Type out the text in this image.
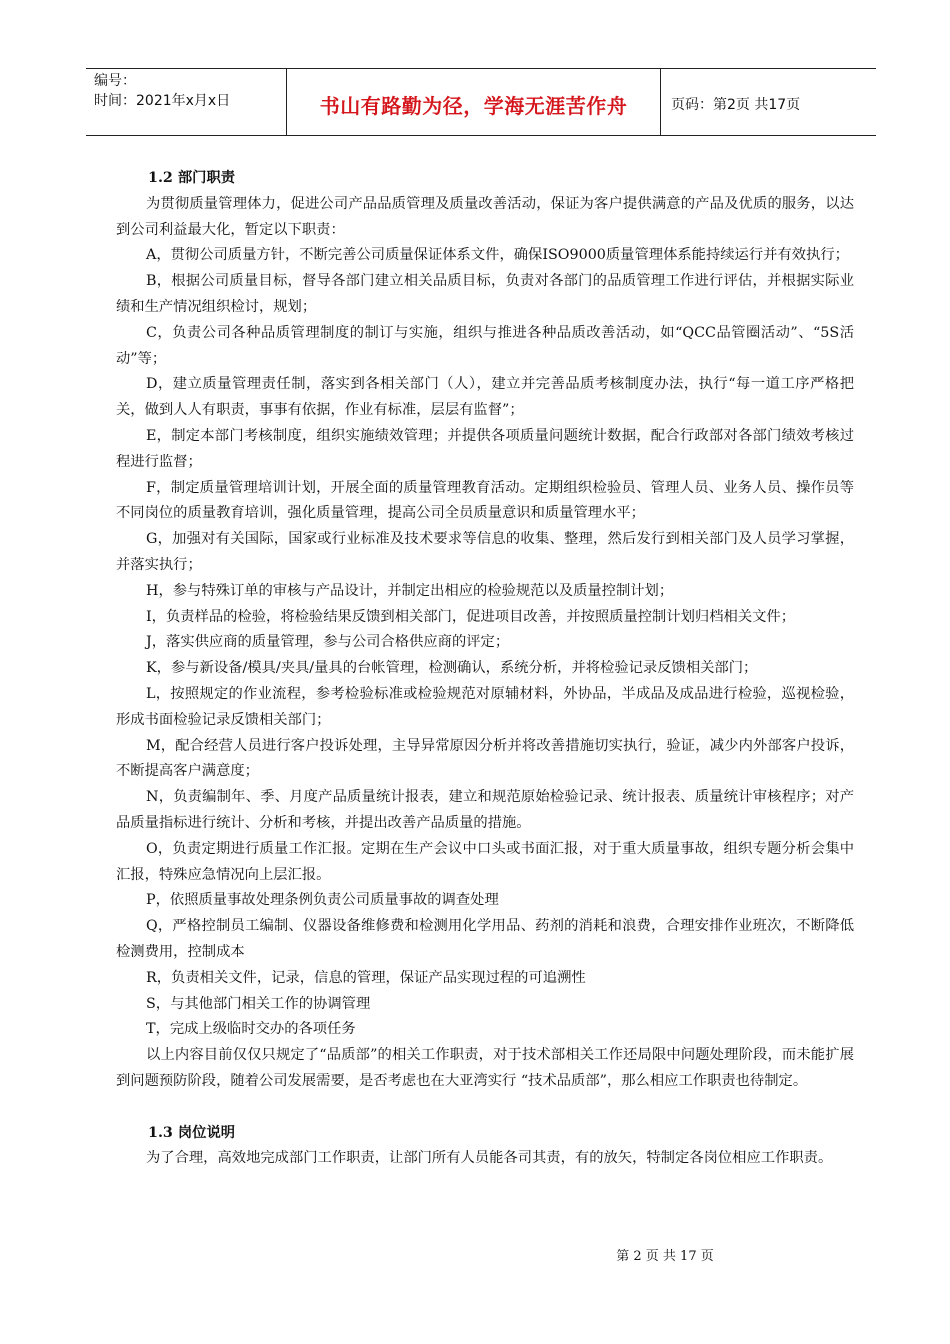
编号：
时间：2021年x月x日	书山有路勤为径，学海无涯苦作舟	页码：第2页 共17页

1.2 部门职责

为贯彻质量管理体力，促进公司产品品质管理及质量改善活动，保证为客户提供满意的产品及优质的服务，以达到公司利益最大化，暂定以下职责：

A，贯彻公司质量方针，不断完善公司质量保证体系文件，确保ISO9000质量管理体系能持续运行并有效执行；

B，根据公司质量目标，督导各部门建立相关品质目标，负责对各部门的品质管理工作进行评估，并根据实际业绩和生产情况组织检讨，规划；

C，负责公司各种品质管理制度的制订与实施，组织与推进各种品质改善活动，如“QCC品管圈活动”、“5S活动”等；

D，建立质量管理责任制，落实到各相关部门（人），建立并完善品质考核制度办法，执行“每一道工序严格把关，做到人人有职责，事事有依据，作业有标准，层层有监督”；

E，制定本部门考核制度，组织实施绩效管理；并提供各项质量问题统计数据，配合行政部对各部门绩效考核过程进行监督；

F，制定质量管理培训计划，开展全面的质量管理教育活动。定期组织检验员、管理人员、业务人员、操作员等不同岗位的质量教育培训，强化质量管理，提高公司全员质量意识和质量管理水平；

G，加强对有关国际，国家或行业标准及技术要求等信息的收集、整理，然后发行到相关部门及人员学习掌握，并落实执行；

H，参与特殊订单的审核与产品设计，并制定出相应的检验规范以及质量控制计划；

I，负责样品的检验，将检验结果反馈到相关部门，促进项目改善，并按照质量控制计划归档相关文件；

J，落实供应商的质量管理，参与公司合格供应商的评定；

K，参与新设备/模具/夹具/量具的台帐管理，检测确认，系统分析，并将检验记录反馈相关部门；

L，按照规定的作业流程，参考检验标准或检验规范对原辅材料，外协品，半成品及成品进行检验，巡视检验，形成书面检验记录反馈相关部门；

M，配合经营人员进行客户投诉处理，主导异常原因分析并将改善措施切实执行，验证，减少内外部客户投诉，不断提高客户满意度；

N，负责编制年、季、月度产品质量统计报表，建立和规范原始检验记录、统计报表、质量统计审核程序；对产品质量指标进行统计、分析和考核，并提出改善产品质量的措施。

O，负责定期进行质量工作汇报。定期在生产会议中口头或书面汇报，对于重大质量事故，组织专题分析会集中汇报，特殊应急情况向上层汇报。

P，依照质量事故处理条例负责公司质量事故的调查处理

Q，严格控制员工编制、仪器设备维修费和检测用化学用品、药剂的消耗和浪费，合理安排作业班次，不断降低检测费用，控制成本

R，负责相关文件，记录，信息的管理，保证产品实现过程的可追溯性

S，与其他部门相关工作的协调管理

T，完成上级临时交办的各项任务

以上内容目前仅仅只规定了“品质部”的相关工作职责，对于技术部相关工作还局限中问题处理阶段，而未能扩展到问题预防阶段，随着公司发展需要，是否考虑也在大亚湾实行 “技术品质部”，那么相应工作职责也待制定。

1.3 岗位说明

为了合理，高效地完成部门工作职责，让部门所有人员能各司其责，有的放矢，特制定各岗位相应工作职责。

第 2 页 共 17 页
